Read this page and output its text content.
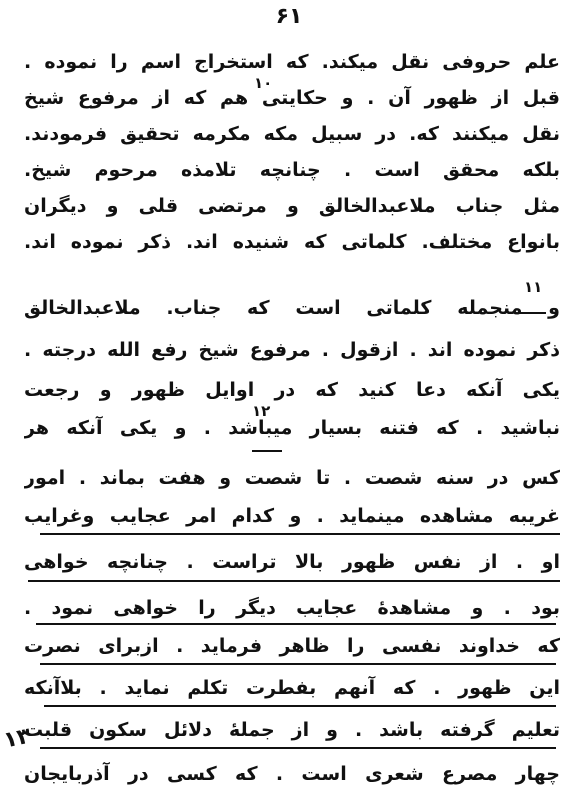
۶۱
علم حروفی نقل میکند. که استخراج اسم را نموده .
قبل از ظهور آن . و حکایتی هم که از مرفوع شیخ
نقل میکنند که. در سبیل مکه مکرمه تحقیق فرمودند.
بلکه محقق است . چنانچه تلامذه مرحوم شیخ.
مثل جناب ملاعبدالخالق و مرتضی قلی و دیگران
بانواع مختلف. کلماتی که شنیده اند. ذکر نموده اند.
و منجمله کلماتی است که جناب. ملاعبدالخالق
ذکر نموده اند . ازقول . مرفوع شیخ رفع الله درجته .
یکی آنکه دعا کنید که در اوایل ظهور و رجعت
نباشید . که فتنه بسیار میباشد . و یکی آنکه هر
کس در سنه شصت . تا شصت و هفت بماند . امور
غریبه مشاهده مینماید . و کدام امر عجایب وغرایب
او . از نفس ظهور بالا تراست . چنانچه خواهی
بود . و مشاهدهٔ عجایب دیگر را خواهی نمود .
که خداوند نفسی را ظاهر فرماید . ازبرای نصرت
این ظهور . که آنهم بفطرت تکلم نماید . بلاآنکه
تعلیم گرفته باشد . و از جملهٔ دلائل سکون قلبت
چهار مصرع شعری است . که کسی در آذربایجان
۱۰
۱۱
۱۲
۱۳
